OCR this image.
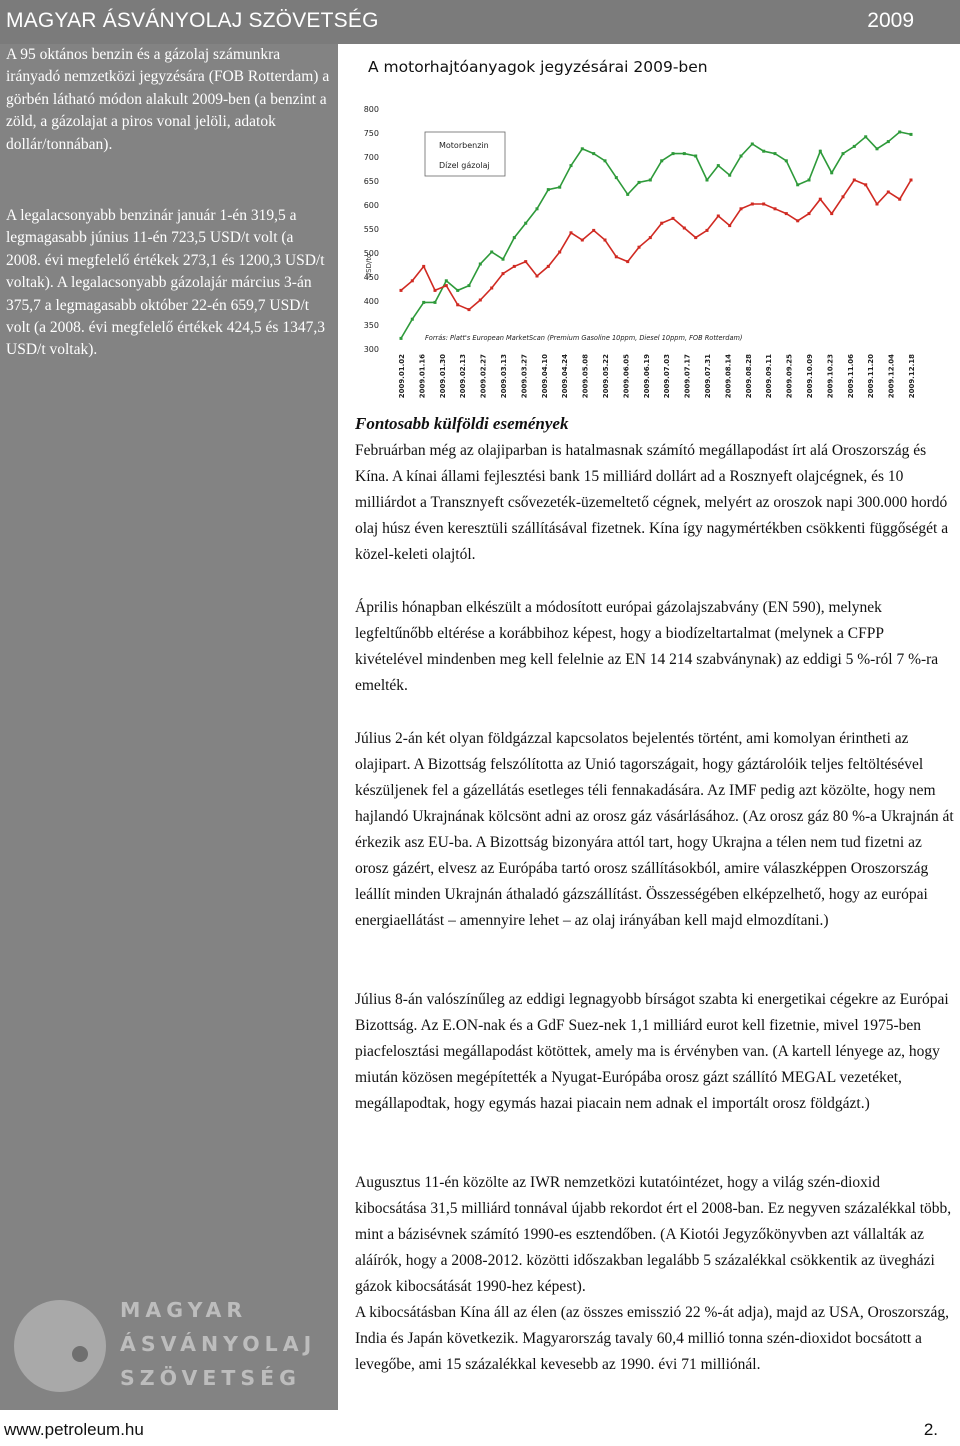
MAGYAR ÁSVÁNYOLAJ SZÖVETSÉG	2009

A 95 oktános benzin és a gázolaj számunkra irányadó nemzetközi jegyzésára (FOB Rotterdam) a görbén látható módon alakult 2009-ben (a benzint a zöld, a gázolajat a piros vonal jelöli, adatok dollár/tonnában).

A legalacsonyabb benzinár január 1-én 319,5 a legmagasabb június 11-én 723,5 USD/t volt (a 2008. évi megfelelő értékek 273,1 és 1200,3 USD/t voltak). A legalacsonyabb gázolajár március 3-án 375,7 a legmagasabb október 22-én 659,7 USD/t volt (a 2008. évi megfelelő értékek 424,5 és 1347,3 USD/t voltak).

MAGYAR
ÁSVÁNYOLAJ
SZÖVETSÉG
A motorhajtóanyagok jegyzésárai 2009-ben
300
350
400
450
500
550
600
650
700
750
800
USD/to
2009.01.02 2009.01.16 2009.01.30 2009.02.13 2009.02.27 2009.03.13 2009.03.27 2009.04.10 2009.04.24 2009.05.08 2009.05.22 2009.06.05 2009.06.19 2009.07.03 2009.07.17 2009.07.31 2009.08.14 2009.08.28 2009.09.11 2009.09.25 2009.10.09 2009.10.23 2009.11.06 2009.11.20 2009.12.04 2009.12.18
Motorbenzin
Dízel gázolaj
Forrás: Platt's European MarketScan (Premium Gasoline 10ppm, Diesel 10ppm, FOB Rotterdam)
Fontosabb külföldi események

Februárban még az olajiparban is hatalmasnak számító megállapodást írt alá Oroszország és Kína. A kínai állami fejlesztési bank 15 milliárd dollárt ad a Rosznyeft olajcégnek, és 10 milliárdot a Transznyeft csővezeték-üzemeltető cégnek, melyért az oroszok napi 300.000 hordó olaj húsz éven keresztüli szállításával fizetnek. Kína így nagymértékben csökkenti függőségét a közel-keleti olajtól.

Április hónapban elkészült a módosított európai gázolajszabvány (EN 590), melynek legfeltűnőbb eltérése a korábbihoz képest, hogy a biodízeltartalmat (melynek a CFPP kivételével mindenben meg kell felelnie az EN 14 214 szabványnak) az eddigi 5 %-ról 7 %-ra emelték.

Július 2-án két olyan földgázzal kapcsolatos bejelentés történt, ami komolyan érintheti az olajipart. A Bizottság felszólította az Unió tagországait, hogy gáztárolóik teljes feltöltésével készüljenek fel a gázellátás esetleges téli fennakadására. Az IMF pedig azt közölte, hogy nem hajlandó Ukrajnának kölcsönt adni az orosz gáz vásárlásához. (Az orosz gáz 80 %-a Ukrajnán át érkezik asz EU-ba. A Bizottság bizonyára attól tart, hogy Ukrajna a télen nem tud fizetni az orosz gázért, elvesz az Európába tartó orosz szállításokból, amire válaszképpen Oroszország leállít minden Ukrajnán áthaladó gázszállítást. Összességében elképzelhető, hogy az európai energiaellátást – amennyire lehet – az olaj irányában kell majd elmozdítani.)

Július 8-án valószínűleg az eddigi legnagyobb bírságot szabta ki energetikai cégekre az Európai Bizottság. Az E.ON-nak és a GdF Suez-nek 1,1 milliárd eurot kell fizetnie, mivel 1975-ben piacfelosztási megállapodást kötöttek, amely ma is érvényben van. (A kartell lényege az, hogy miután közösen megépítették a Nyugat-Európába orosz gázt szállító MEGAL vezetéket, megállapodtak, hogy egymás hazai piacain nem adnak el importált orosz földgázt.)

Augusztus 11-én közölte az IWR nemzetközi kutatóintézet, hogy a világ szén-dioxid kibocsátása 31,5 milliárd tonnával újabb rekordot ért el 2008-ban. Ez negyven százalékkal több, mint a bázisévnek számító 1990-es esztendőben. (A Kiotói Jegyzőkönyvben azt vállalták az aláírók, hogy a 2008-2012. közötti időszakban legalább 5 százalékkal csökkentik az üvegházi gázok kibocsátását 1990-hez képest).

A kibocsátásban Kína áll az élen (az összes emisszió 22 %-át adja), majd az USA, Oroszország, India és Japán következik. Magyarország tavaly 60,4 millió tonna szén-dioxidot bocsátott a levegőbe, ami 15 százalékkal kevesebb az 1990. évi 71 milliónál.

www.petroleum.hu	2.
